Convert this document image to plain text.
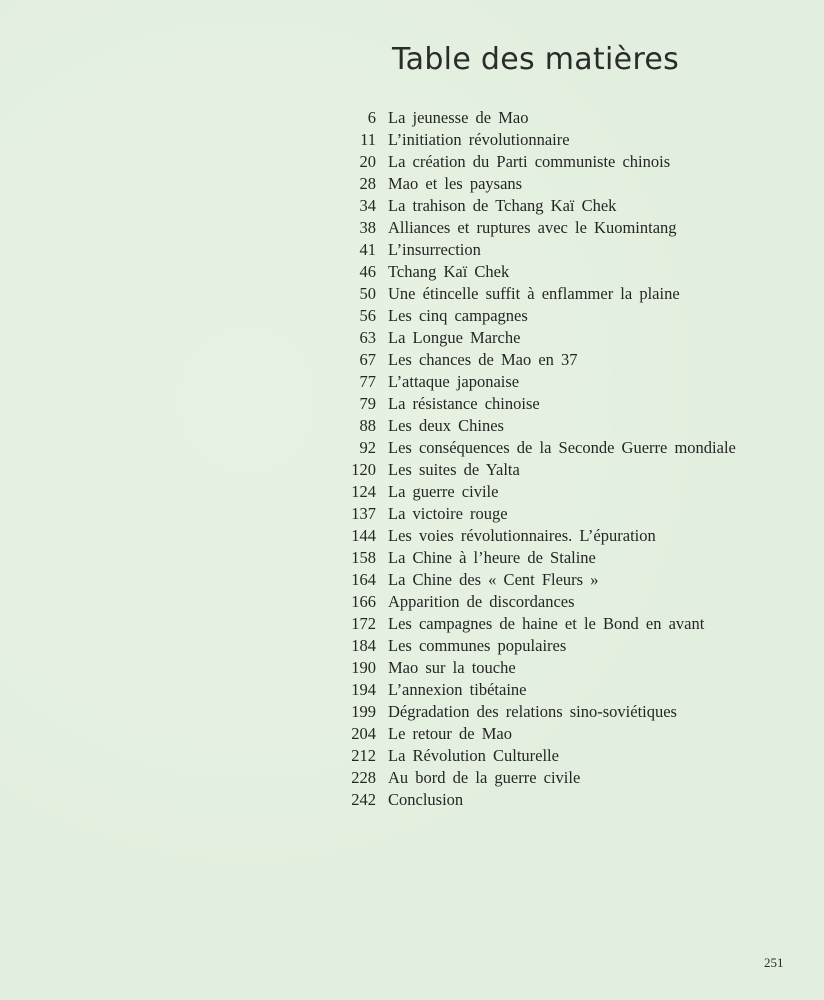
Table des matières
6 La jeunesse de Mao
11 L’initiation révolutionnaire
20 La création du Parti communiste chinois
28 Mao et les paysans
34 La trahison de Tchang Kaï Chek
38 Alliances et ruptures avec le Kuomintang
41 L’insurrection
46 Tchang Kaï Chek
50 Une étincelle suffit à enflammer la plaine
56 Les cinq campagnes
63 La Longue Marche
67 Les chances de Mao en 37
77 L’attaque japonaise
79 La résistance chinoise
88 Les deux Chines
92 Les conséquences de la Seconde Guerre mondiale
120 Les suites de Yalta
124 La guerre civile
137 La victoire rouge
144 Les voies révolutionnaires. L’épuration
158 La Chine à l’heure de Staline
164 La Chine des « Cent Fleurs »
166 Apparition de discordances
172 Les campagnes de haine et le Bond en avant
184 Les communes populaires
190 Mao sur la touche
194 L’annexion tibétaine
199 Dégradation des relations sino-soviétiques
204 Le retour de Mao
212 La Révolution Culturelle
228 Au bord de la guerre civile
242 Conclusion
251
